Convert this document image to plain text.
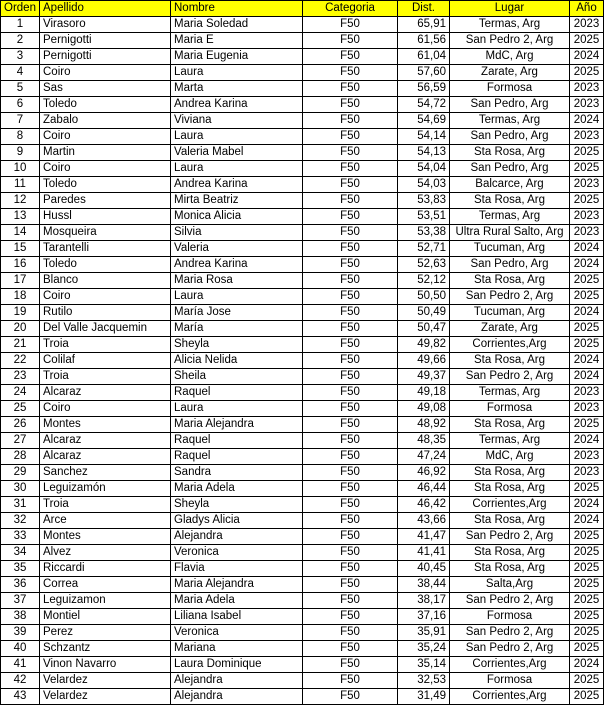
Orden	Apellido	Nombre	Categoria	Dist.	Lugar	Año
1	Virasoro	Maria Soledad	F50	65,91	Termas, Arg	2023
2	Pernigotti	Maria E	F50	61,56	San Pedro 2, Arg	2025
3	Pernigotti	Maria Eugenia	F50	61,04	MdC, Arg	2024
4	Coiro	Laura	F50	57,60	Zarate, Arg	2025
5	Sas	Marta	F50	56,59	Formosa	2023
6	Toledo	Andrea Karina	F50	54,72	San Pedro, Arg	2023
7	Zabalo	Viviana	F50	54,69	Termas, Arg	2024
8	Coiro	Laura	F50	54,14	San Pedro, Arg	2023
9	Martin	Valeria Mabel	F50	54,13	Sta Rosa, Arg	2025
10	Coiro	Laura	F50	54,04	San Pedro, Arg	2025
11	Toledo	Andrea Karina	F50	54,03	Balcarce, Arg	2023
12	Paredes	Mirta Beatriz	F50	53,83	Sta Rosa, Arg	2025
13	Hussl	Monica Alicia	F50	53,51	Termas, Arg	2023
14	Mosqueira	Silvia	F50	53,38	Ultra Rural Salto, Arg	2023
15	Tarantelli	Valeria	F50	52,71	Tucuman, Arg	2024
16	Toledo	Andrea Karina	F50	52,63	San Pedro, Arg	2024
17	Blanco	Maria Rosa	F50	52,12	Sta Rosa, Arg	2025
18	Coiro	Laura	F50	50,50	San Pedro 2, Arg	2025
19	Rutilo	María Jose	F50	50,49	Tucuman, Arg	2024
20	Del Valle Jacquemin	María	F50	50,47	Zarate, Arg	2025
21	Troia	Sheyla	F50	49,82	Corrientes,Arg	2025
22	Colilaf	Alicia Nelida	F50	49,66	Sta Rosa, Arg	2024
23	Troia	Sheila	F50	49,37	San Pedro 2, Arg	2024
24	Alcaraz	Raquel	F50	49,18	Termas, Arg	2023
25	Coiro	Laura	F50	49,08	Formosa	2023
26	Montes	Maria Alejandra	F50	48,92	Sta Rosa, Arg	2025
27	Alcaraz	Raquel	F50	48,35	Termas, Arg	2024
28	Alcaraz	Raquel	F50	47,24	MdC, Arg	2023
29	Sanchez	Sandra	F50	46,92	Sta Rosa, Arg	2023
30	Leguizamón	Maria Adela	F50	46,44	Sta Rosa, Arg	2025
31	Troia	Sheyla	F50	46,42	Corrientes,Arg	2024
32	Arce	Gladys Alicia	F50	43,66	Sta Rosa, Arg	2024
33	Montes	Alejandra	F50	41,47	San Pedro 2, Arg	2025
34	Alvez	Veronica	F50	41,41	Sta Rosa, Arg	2025
35	Riccardi	Flavia	F50	40,45	Sta Rosa, Arg	2025
36	Correa	Maria Alejandra	F50	38,44	Salta,Arg	2025
37	Leguizamon	Maria Adela	F50	38,17	San Pedro 2, Arg	2025
38	Montiel	Liliana Isabel	F50	37,16	Formosa	2025
39	Perez	Veronica	F50	35,91	San Pedro 2, Arg	2025
40	Schzantz	Mariana	F50	35,24	San Pedro 2, Arg	2025
41	Vinon Navarro	Laura Dominique	F50	35,14	Corrientes,Arg	2024
42	Velardez	Alejandra	F50	32,53	Formosa	2025
43	Velardez	Alejandra	F50	31,49	Corrientes,Arg	2025
